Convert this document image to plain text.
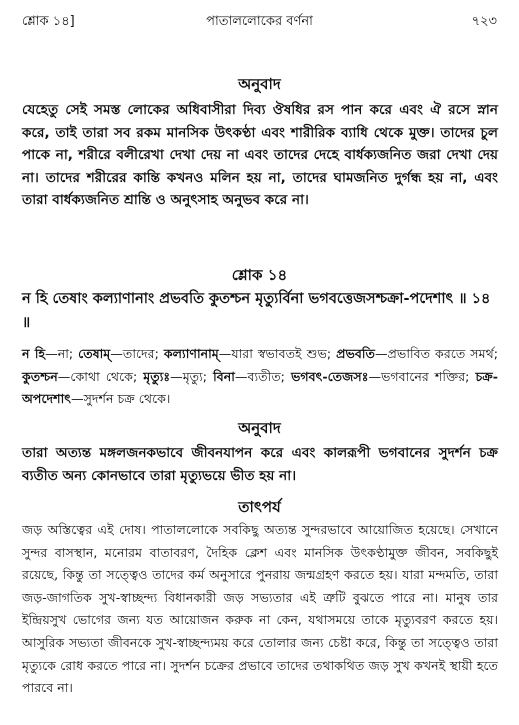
শ্লোক ১৪]	পাতাললোকের বর্ণনা	৭২৩
অনুবাদ

যেহেতু সেই সমস্ত লোকের অধিবাসীরা দিব্য ঔষধির রস পান করে এবং ঐ রসে স্নান করে, তাই তারা সব রকম মানসিক উৎকণ্ঠা এবং শারীরিক ব্যাধি থেকে মুক্ত। তাদের চুল পাকে না, শরীরে বলীরেখা দেখা দেয় না এবং তাদের দেহে বার্ধক্যজনিত জরা দেখা দেয় না। তাদের শরীরের কান্তি কখনও মলিন হয় না, তাদের ঘামজনিত দুর্গন্ধ হয় না, এবং তারা বার্ধক্যজনিত শ্রান্তি ও অনুৎসাহ অনুভব করে না।

শ্লোক ১৪

ন হি তেষাং কল্যাণানাং প্রভবতি কুতশ্চন মৃত্যুর্বিনা ভগবত্তেজসশ্চক্রা-পদেশাৎ ॥ ১৪ ॥

ন হি—না; তেষাম্—তাদের; কল্যাণানাম্—যারা স্বভাবতই শুভ; প্রভবতি—প্রভাবিত করতে সমর্থ; কুতশ্চন—কোথা থেকে; মৃত্যুঃ—মৃত্যু; বিনা—ব্যতীত; ভগবৎ-তেজসঃ—ভগবানের শক্তির; চক্র-অপদেশাৎ—সুদর্শন চক্র থেকে।

অনুবাদ

তারা অত্যন্ত মঙ্গলজনকভাবে জীবনযাপন করে এবং কালরূপী ভগবানের সুদর্শন চক্র ব্যতীত অন্য কোনভাবে তারা মৃত্যুভয়ে ভীত হয় না।

তাৎপর্য

জড় অস্তিত্বের এই দোষ। পাতাললোকে সবকিছু অত্যন্ত সুন্দরভাবে আয়োজিত হয়েছে। সেখানে সুন্দর বাসস্থান, মনোরম বাতাবরণ, দৈহিক ক্লেশ এবং মানসিক উৎকণ্ঠামুক্ত জীবন, সবকিছুই রয়েছে, কিন্তু তা সত্ত্বেও তাদের কর্ম অনুসারে পুনরায় জন্মগ্রহণ করতে হয়। যারা মন্দমতি, তারা জড়-জাগতিক সুখ-স্বাচ্ছন্দ্য বিধানকারী জড় সভ্যতার এই ত্রুটি বুঝতে পারে না। মানুষ তার ইন্দ্রিয়সুখ ভোগের জন্য যত আয়োজন করুক না কেন, যথাসময়ে তাকে মৃত্যুবরণ করতে হয়। আসুরিক সভ্যতা জীবনকে সুখ-স্বাচ্ছন্দ্যময় করে তোলার জন্য চেষ্টা করে, কিন্তু তা সত্ত্বেও তারা মৃত্যুকে রোধ করতে পারে না। সুদর্শন চক্রের প্রভাবে তাদের তথাকথিত জড় সুখ কখনই স্থায়ী হতে পারবে না।
